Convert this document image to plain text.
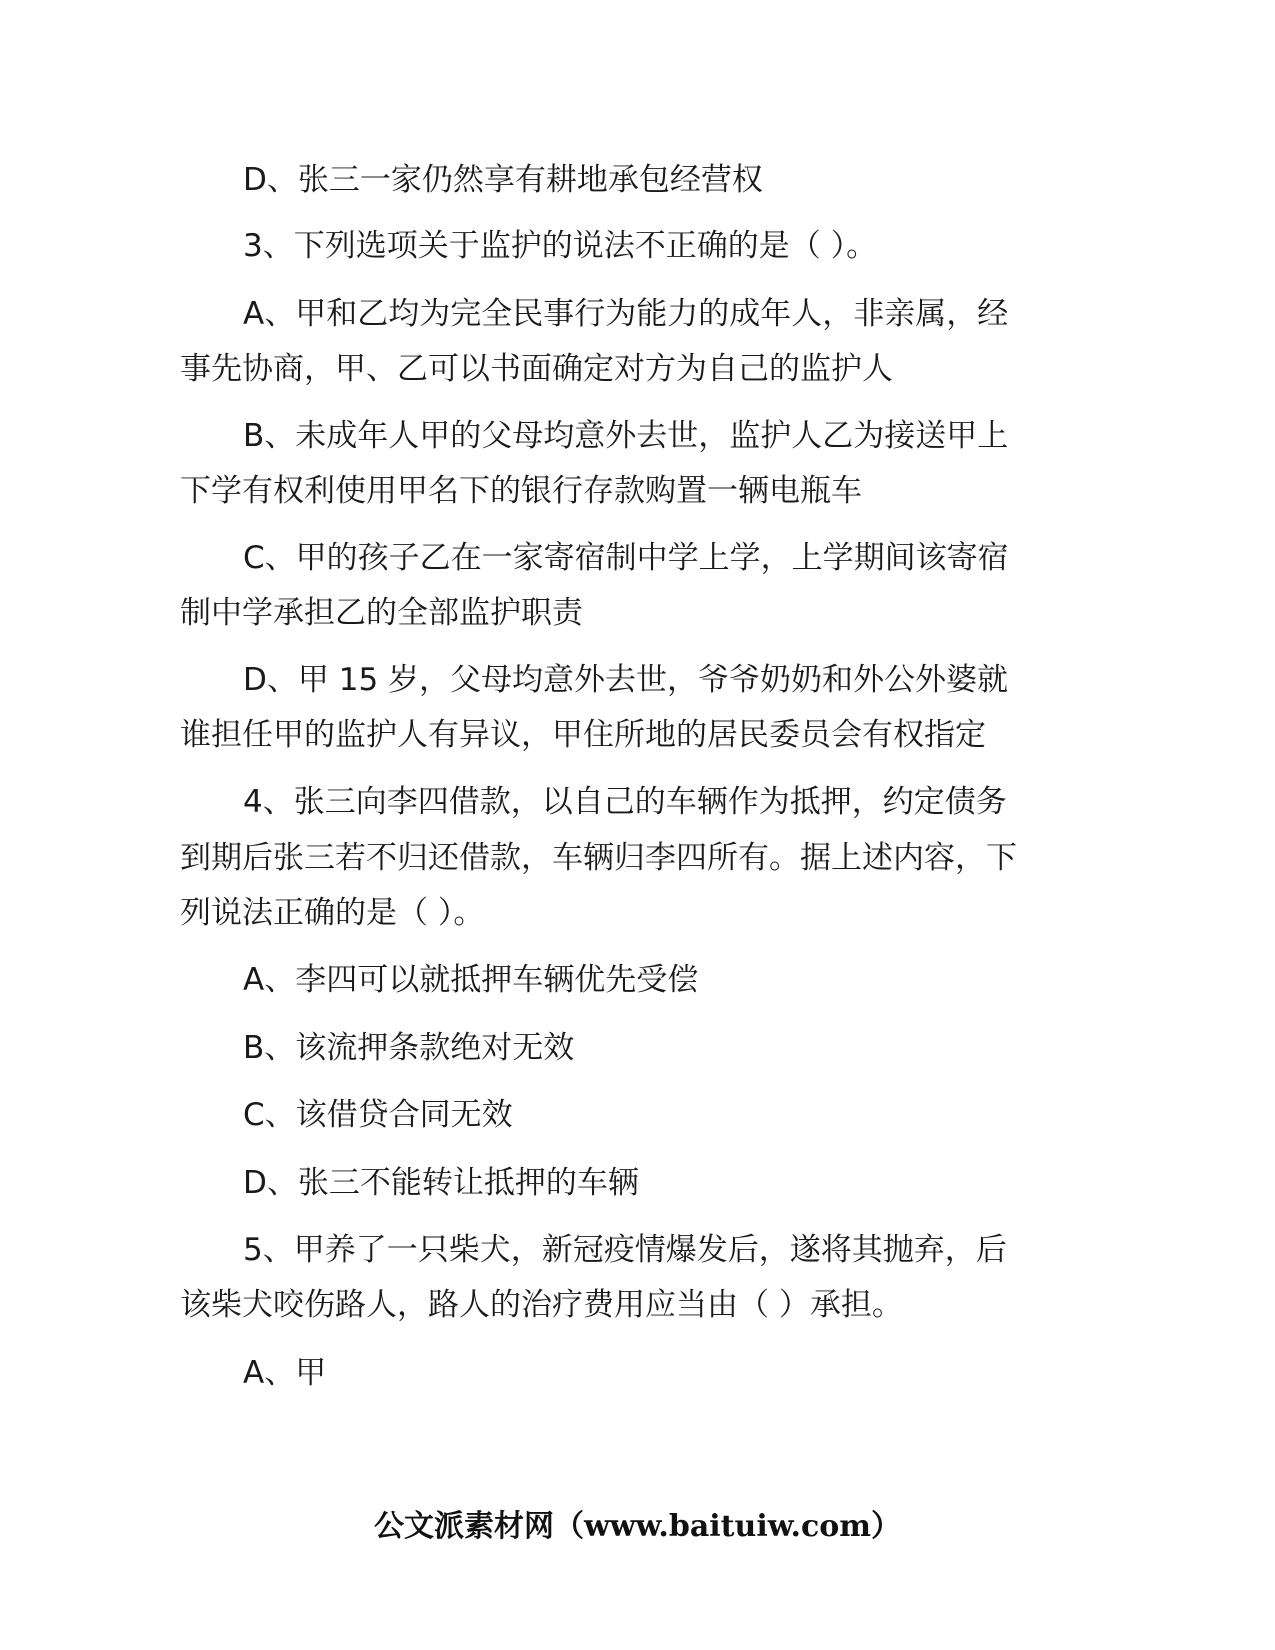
D、张三一家仍然享有耕地承包经营权
3、下列选项关于监护的说法不正确的是（ ）。
A、甲和乙均为完全民事行为能力的成年人，非亲属，经
事先协商，甲、乙可以书面确定对方为自己的监护人
B、未成年人甲的父母均意外去世，监护人乙为接送甲上
下学有权利使用甲名下的银行存款购置一辆电瓶车
C、甲的孩子乙在一家寄宿制中学上学，上学期间该寄宿
制中学承担乙的全部监护职责
D、甲 15 岁，父母均意外去世，爷爷奶奶和外公外婆就
谁担任甲的监护人有异议，甲住所地的居民委员会有权指定
4、张三向李四借款，以自己的车辆作为抵押，约定债务
到期后张三若不归还借款，车辆归李四所有。据上述内容，下
列说法正确的是（ ）。
A、李四可以就抵押车辆优先受偿
B、该流押条款绝对无效
C、该借贷合同无效
D、张三不能转让抵押的车辆
5、甲养了一只柴犬，新冠疫情爆发后，遂将其抛弃，后
该柴犬咬伤路人，路人的治疗费用应当由（ ）承担。
A、甲
公文派素材网（www.baituiw.com）
